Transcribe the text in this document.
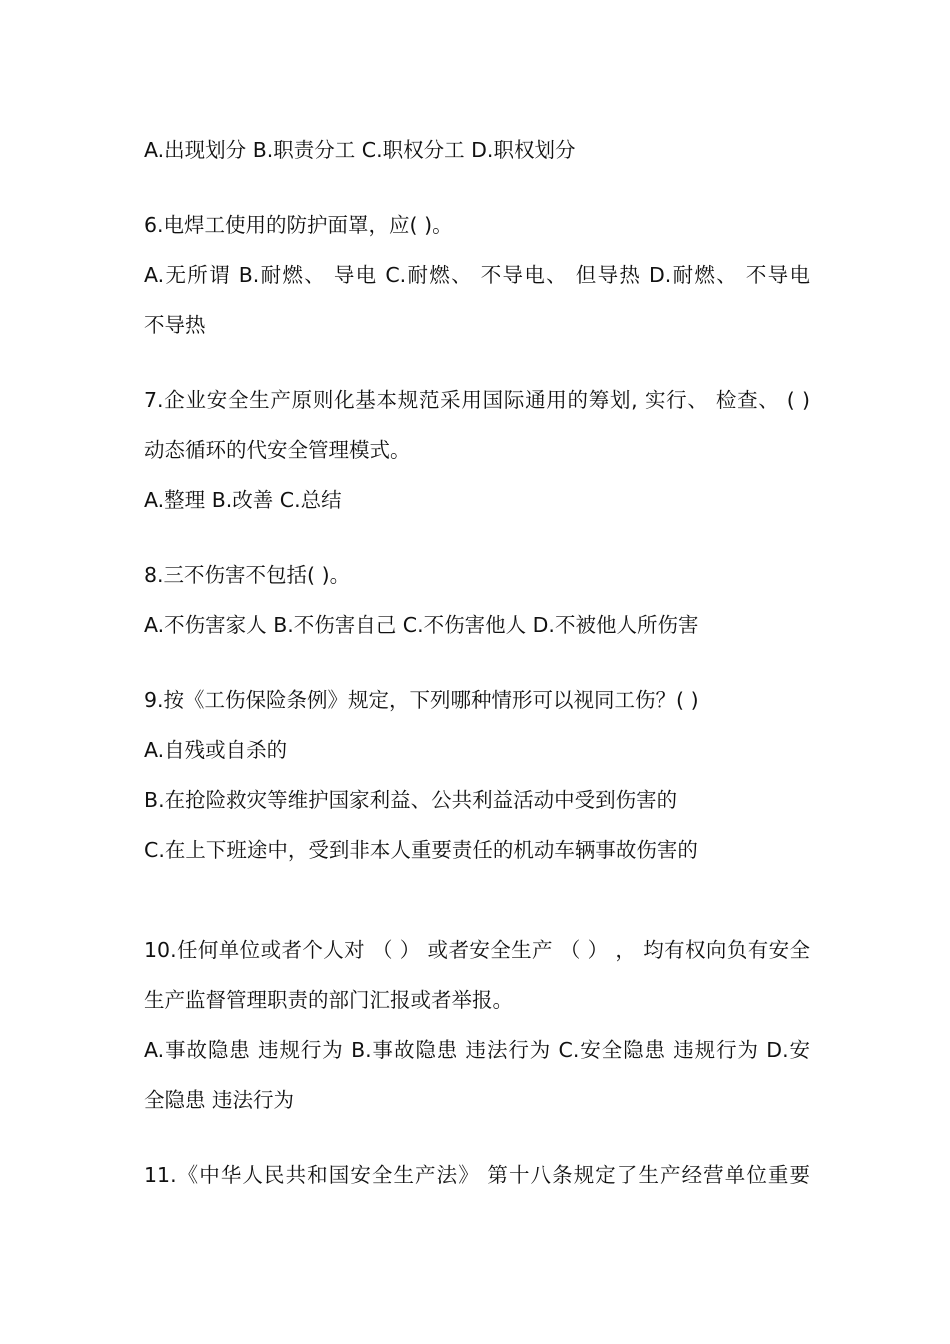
A.出现划分 B.职责分工 C.职权分工 D.职权划分
6.电焊工使用的防护面罩，应( )。
A.无所谓 B.耐燃、 导电 C.耐燃、 不导电、 但导热 D.耐燃、 不导电
不导热
7.企业安全生产原则化基本规范采用国际通用的筹划, 实行、 检查、 ( )
动态循环的代安全管理模式。
A.整理 B.改善 C.总结
8.三不伤害不包括( )。
A.不伤害家人 B.不伤害自己 C.不伤害他人 D.不被他人所伤害
9.按《工伤保险条例》规定，下列哪种情形可以视同工伤？( )
A.自残或自杀的
B.在抢险救灾等维护国家利益、公共利益活动中受到伤害的
C.在上下班途中，受到非本人重要责任的机动车辆事故伤害的
10.任何单位或者个人对 （ ） 或者安全生产 （ ） ， 均有权向负有安全
生产监督管理职责的部门汇报或者举报。
A.事故隐患 违规行为 B.事故隐患 违法行为 C.安全隐患 违规行为 D.安
全隐患 违法行为
11.《中华人民共和国安全生产法》 第十八条规定了生产经营单位重要
